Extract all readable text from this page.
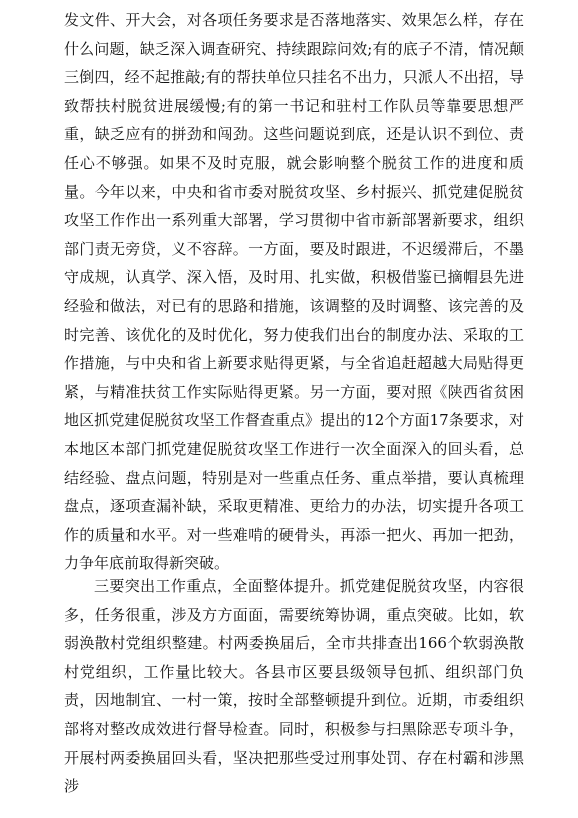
发文件、开大会，对各项任务要求是否落地落实、效果怎么样，存在什么问题，缺乏深入调查研究、持续跟踪问效;有的底子不清，情况颠三倒四，经不起推敲;有的帮扶单位只挂名不出力，只派人不出招，导致帮扶村脱贫进展缓慢;有的第一书记和驻村工作队员等靠要思想严重，缺乏应有的拼劲和闯劲。这些问题说到底，还是认识不到位、责任心不够强。如果不及时克服，就会影响整个脱贫工作的进度和质量。今年以来，中央和省市委对脱贫攻坚、乡村振兴、抓党建促脱贫攻坚工作作出一系列重大部署，学习贯彻中省市新部署新要求，组织部门责无旁贷，义不容辞。一方面，要及时跟进，不迟缓滞后，不墨守成规，认真学、深入悟，及时用、扎实做，积极借鉴已摘帽县先进经验和做法，对已有的思路和措施，该调整的及时调整、该完善的及时完善、该优化的及时优化，努力使我们出台的制度办法、采取的工作措施，与中央和省上新要求贴得更紧，与全省追赶超越大局贴得更紧，与精准扶贫工作实际贴得更紧。另一方面，要对照《陕西省贫困地区抓党建促脱贫攻坚工作督查重点》提出的12个方面17条要求，对本地区本部门抓党建促脱贫攻坚工作进行一次全面深入的回头看，总结经验、盘点问题，特别是对一些重点任务、重点举措，要认真梳理盘点，逐项查漏补缺，采取更精准、更给力的办法，切实提升各项工作的质量和水平。对一些难啃的硬骨头，再添一把火、再加一把劲，力争年底前取得新突破。

三要突出工作重点，全面整体提升。抓党建促脱贫攻坚，内容很多，任务很重，涉及方方面面，需要统筹协调，重点突破。比如，软弱涣散村党组织整建。村两委换届后，全市共排查出166个软弱涣散村党组织，工作量比较大。各县市区要县级领导包抓、组织部门负责，因地制宜、一村一策，按时全部整顿提升到位。近期，市委组织部将对整改成效进行督导检查。同时，积极参与扫黑除恶专项斗争，开展村两委换届回头看，坚决把那些受过刑事处罚、存在村霸和涉黑涉
